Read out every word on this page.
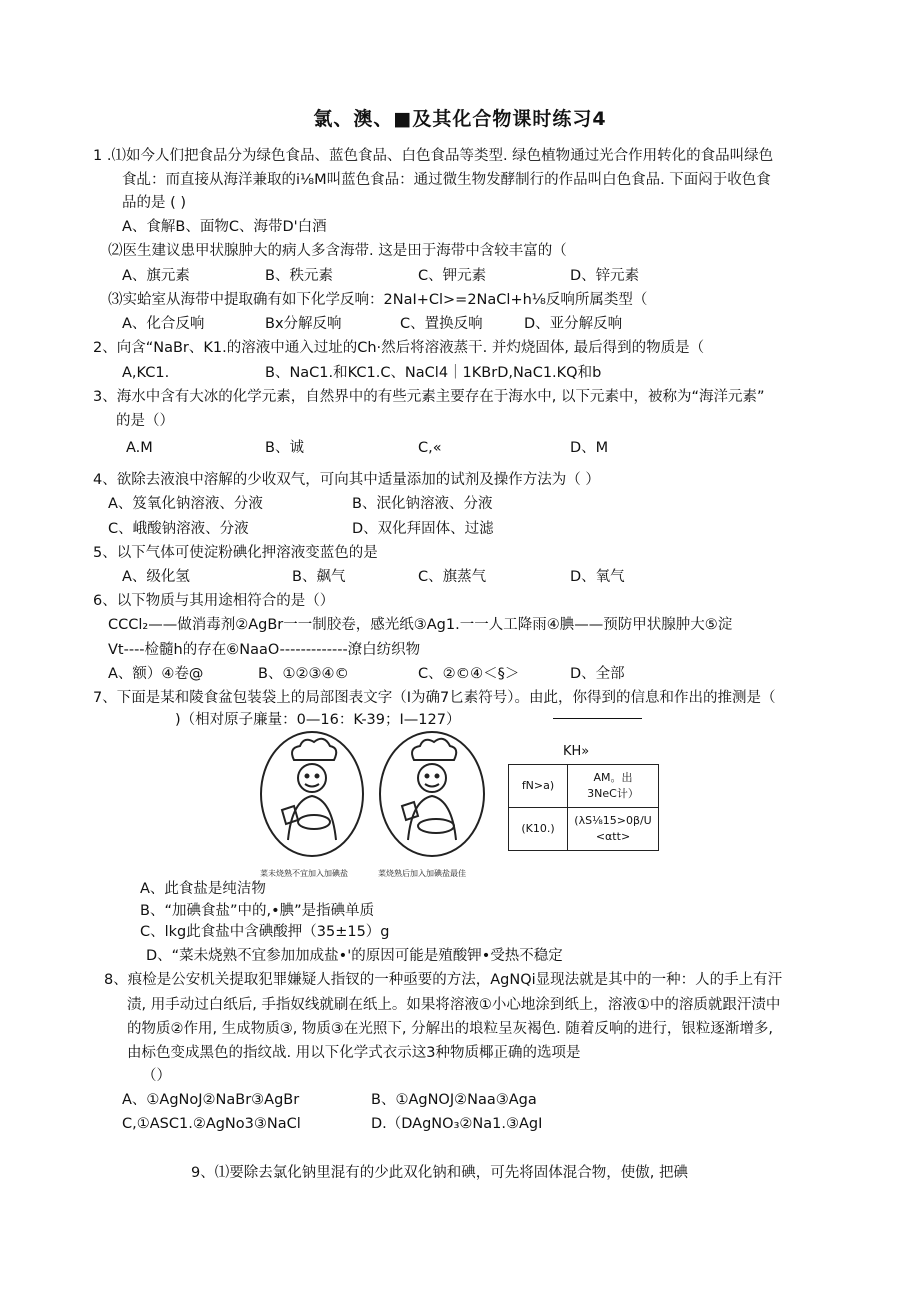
氯、澳、■及其化合物课时练习4
1 .⑴如今人们把食品分为绿色食品、蓝色食品、白色食品等类型. 绿色植物通过光合作用转化的食品叫绿色
食乩：而直接从海洋兼取的i⅛M叫蓝色食品：通过微生物发酵制行的作品叫白色食品. 下面闷于收色食
品的是 ( )
A、食解B、面物C、海带D'白酒
⑵医生建议患甲状腺肿大的病人多含海带. 这是田于海带中含较丰富的（
A、旗元素	B、秩元素	C、钾元素	D、锌元素
⑶实蛤室从海带中提取确有如下化学反响：2NaI+Cl>=2NaCl+h⅛反响所属类型（
A、化合反响	Bx分解反响	C、置换反响	D、亚分解反响
2、向含“NaBr、K1.的溶液中通入过址的Ch·然后将溶液蒸干. 并灼烧固体, 最后得到的物质是（
A,KC1.	B、NaC1.和KC1.C、NaCl4｜1KBrD,NaC1.KQ和b
3、海水中含有大冰的化学元素，自然界中的有些元素主要存在于海水中, 以下元素中，被称为“海洋元素”
的是（）
A.M	B、诚	C,«	D、M
4、欲除去液浪中溶解的少收双气，可向其中适量添加的试剂及操作方法为（ ）
A、笈氧化钠溶液、分液	B、泯化钠溶液、分液
C、峨酸钠溶液、分液	D、双化拜固体、过滤
5、以下气体可使淀粉碘化押溶液变蓝色的是
A、级化氢	B、飙气	C、旗蒸气	D、氧气
6、以下物质与其用途相符合的是（）
CCCl₂——做消毒剂②AgBr一一制胶卷，感光纸③Ag1.一一人工降雨④腆——预防甲状腺肿大⑤淀
Vt----检髓h的存在⑥NaaO-------------潦白纺织物
A、额）④卷@	B、①②③④©	C、②©④＜§＞	D、全部
7、下面是某和陵食盆包装袋上的局部图表文字（I为确7匕素符号）。由此，你得到的信息和作出的推测是（
)（相对原子廉量：0—16：K-39；I—127）
菜未烧熟不宜加入加碘盐	菜烧熟后加入加碘盐最佳
KH»
fN>a)	AM。出
3NeC计）

(K10.)	(λS⅛15>0β/U
<αtt>
A、此食盐是纯洁物
B、“加碘食盐”中的,•腆”是指碘单质
C、lkg此食盐中含碘酸押（35±15）g
D、“菜未烧熟不宜参加加成盐•'的原因可能是殖酸钾•受热不稳定
8、痕检是公安机关提取犯罪嫌疑人指钗的一种亟要的方法，AgNQi显现法就是其中的一种：人的手上有汗
渍, 用手动过白纸后, 手指奴线就刷在纸上。如果将溶液①小心地涂到纸上，溶液①中的溶质就跟汗渍中
的物质②作用, 生成物质③, 物质③在光照下, 分解出的埌粒呈灰褐色. 随着反响的进行，银粒逐渐增多,
由标色变成黑色的指纹战. 用以下化学式衣示这3种物质椰正确的选项是
（）
A、①AgNoJ②NaBr③AgBr	B、①AgNOJ②Naa③Aga
C,①ASC1.②AgNo3③NaCl	D.（DAgNO₃②Na1.③AgI
9、⑴要除去氯化钠里混有的少此双化钠和碘，可先将固体混合物，使傲, 把碘
